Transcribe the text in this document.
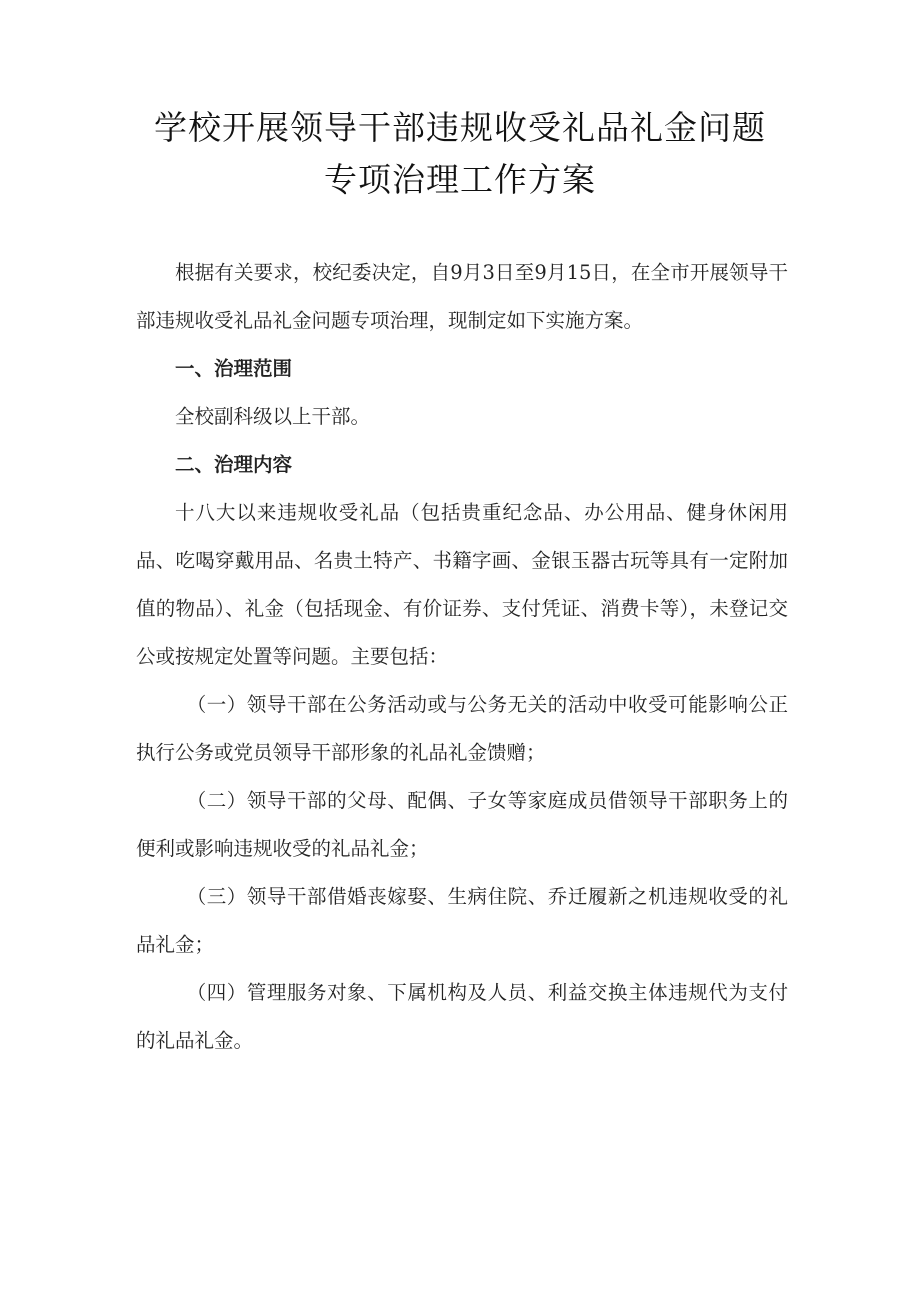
学校开展领导干部违规收受礼品礼金问题
专项治理工作方案

根据有关要求，校纪委决定，自9月3日至9月15日，在全市开展领导干部违规收受礼品礼金问题专项治理，现制定如下实施方案。

一、治理范围

全校副科级以上干部。

二、治理内容

十八大以来违规收受礼品（包括贵重纪念品、办公用品、健身休闲用品、吃喝穿戴用品、名贵土特产、书籍字画、金银玉器古玩等具有一定附加值的物品）、礼金（包括现金、有价证券、支付凭证、消费卡等），未登记交公或按规定处置等问题。主要包括：

（一）领导干部在公务活动或与公务无关的活动中收受可能影响公正执行公务或党员领导干部形象的礼品礼金馈赠；

（二）领导干部的父母、配偶、子女等家庭成员借领导干部职务上的便利或影响违规收受的礼品礼金；

（三）领导干部借婚丧嫁娶、生病住院、乔迁履新之机违规收受的礼品礼金；

（四）管理服务对象、下属机构及人员、利益交换主体违规代为支付的礼品礼金。
